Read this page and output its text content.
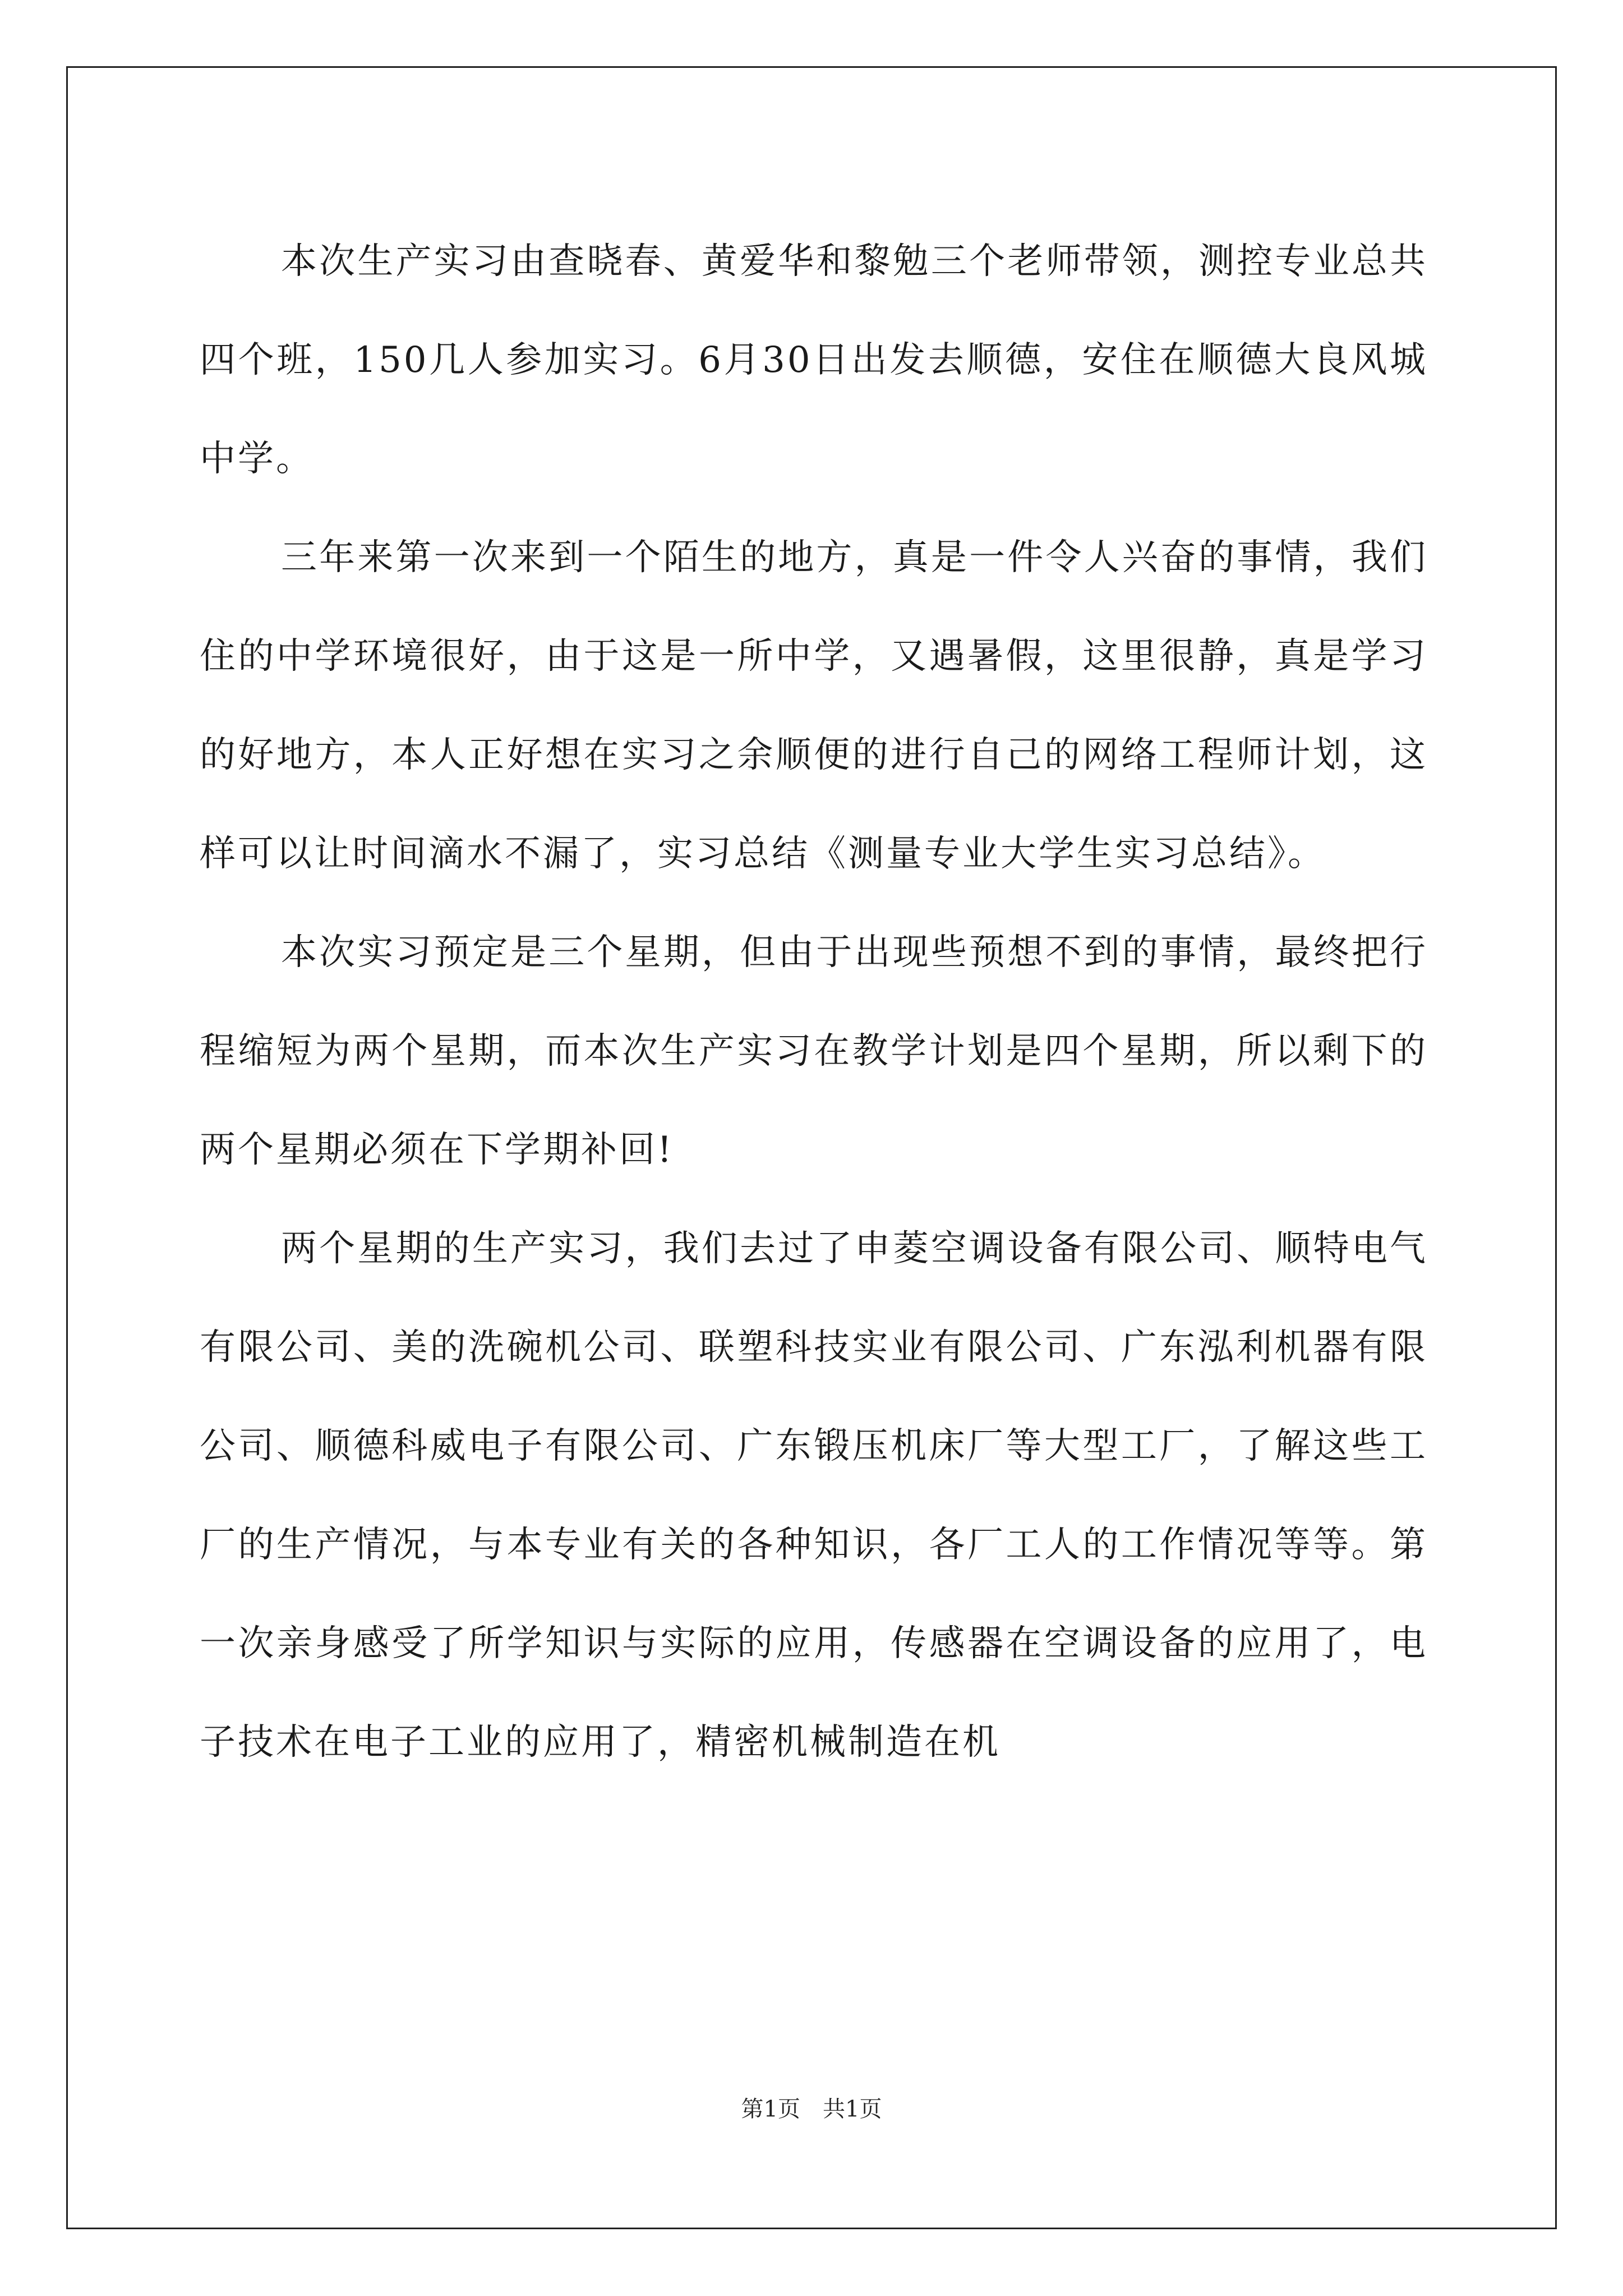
本次生产实习由查晓春、黄爱华和黎勉三个老师带领，测控专业总共四个班，150几人参加实习。6月30日出发去顺德，安住在顺德大良风城中学。

三年来第一次来到一个陌生的地方，真是一件令人兴奋的事情，我们住的中学环境很好，由于这是一所中学，又遇暑假，这里很静，真是学习的好地方，本人正好想在实习之余顺便的进行自己的网络工程师计划，这样可以让时间滴水不漏了，实习总结《测量专业大学生实习总结》。

本次实习预定是三个星期，但由于出现些预想不到的事情，最终把行程缩短为两个星期，而本次生产实习在教学计划是四个星期，所以剩下的两个星期必须在下学期补回!

两个星期的生产实习，我们去过了申菱空调设备有限公司、顺特电气有限公司、美的洗碗机公司、联塑科技实业有限公司、广东泓利机器有限公司、顺德科威电子有限公司、广东锻压机床厂等大型工厂，了解这些工厂的生产情况，与本专业有关的各种知识，各厂工人的工作情况等等。第一次亲身感受了所学知识与实际的应用，传感器在空调设备的应用了，电子技术在电子工业的应用了，精密机械制造在机

第1页　共1页
